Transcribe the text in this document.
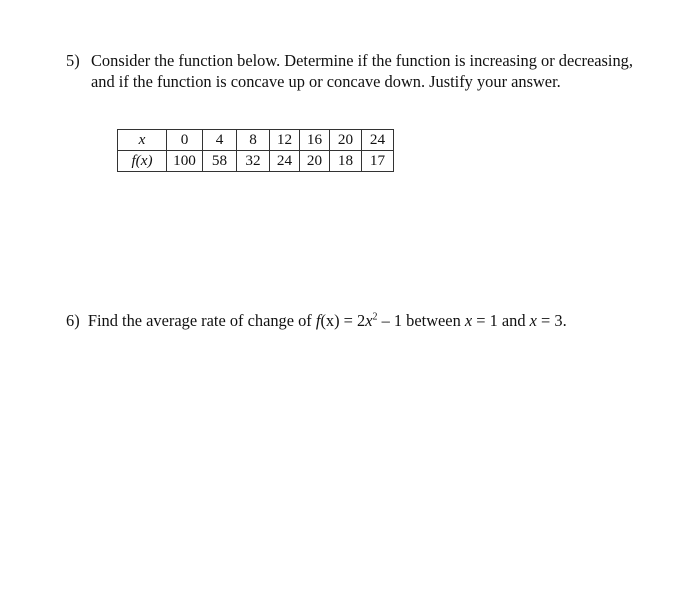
5) Consider the function below. Determine if the function is increasing or decreasing, and if the function is concave up or concave down. Justify your answer.
x	0	4	8	12	16	20	24
f(x)	100	58	32	24	20	18	17
6) Find the average rate of change of $f(x) = 2x^2 - 1$ between x = 1 and x = 3.
